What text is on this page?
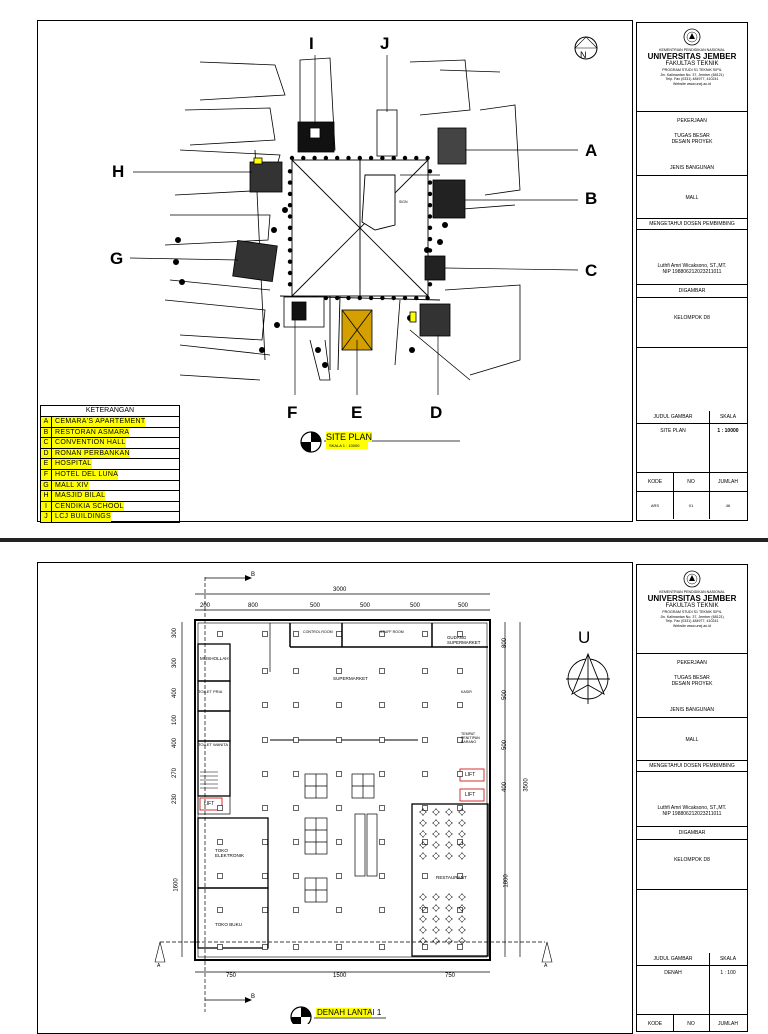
SIGN
N
I	J
A
B
H
G
C
F	E	D
SITE PLAN
SKALA 1 : 10000
KETERANGAN
A CEMARA'S APARTEMENT
B RESTORAN ASMARA
C CONVENTION HALL
D RONAN PERBANKAN
E HOSPITAL
F HOTEL DEL LUNA
G MALL XIV
H MASJID BILAL
I	CENDIKIA SCHOOL
J	LCJ BUILDINGS
KEMENTRIAN PENDIDIKAN NASIONAL
UNIVERSITAS JEMBER
FAKULTAS TEKNIK
PROGRAM STUDI S1 TEKNIK SIPIL
Jln. Kalimantan No. 37, Jember (68121)
Telp. Fax (0331) 484977, 410241
Website www.unej.ac.id
PEKERJAAN
TUGAS BESAR
DESAIN PROYEK
JENIS BANGUNAN
MALL
MENGETAHUI DOSEN PEMBIMBING
Luthfi Amri Wicaksono, ST.,MT.
NIP 198806212023211011
DIGAMBAR
KELOMPOK D8
JUDUL GAMBAR	SKALA
SITE PLAN	1 : 10000
KODE	NO	JUMLAH
ARS	01	46
200	800	500	500	500	500
300
300
400
100
400
270
230
1600
800
500
500
400
1800
750	1500	750
3000
3500
B
B
A	A
CONTROL ROOM	STUFF ROOM
GUDANG SUPERMARKET
MUSHOLLAH
SUPERMARKET
TOILET PRIA
TOILET WANITA
KASIR
TEMPAT PENITIPAN BARANG
LIFT
LIFT
LIFT
TOKO ELEKTRONIK
TOKO BUKU
RESTAURANT
U
DENAH LANTAI 1
KEMENTRIAN PENDIDIKAN NASIONAL
UNIVERSITAS JEMBER
FAKULTAS TEKNIK
PROGRAM STUDI S1 TEKNIK SIPIL
Jln. Kalimantan No. 37, Jember (68121)
Telp. Fax (0331) 484977, 410241
Website www.unej.ac.id
PEKERJAAN
TUGAS BESAR
DESAIN PROYEK
JENIS BANGUNAN
MALL
MENGETAHUI DOSEN PEMBIMBING
Luthfi Amri Wicaksono, ST.,MT.
NIP 198806212023211011
DIGAMBAR
KELOMPOK D8
JUDUL GAMBAR	SKALA
DENAH	1 : 100
KODE	NO	JUMLAH
